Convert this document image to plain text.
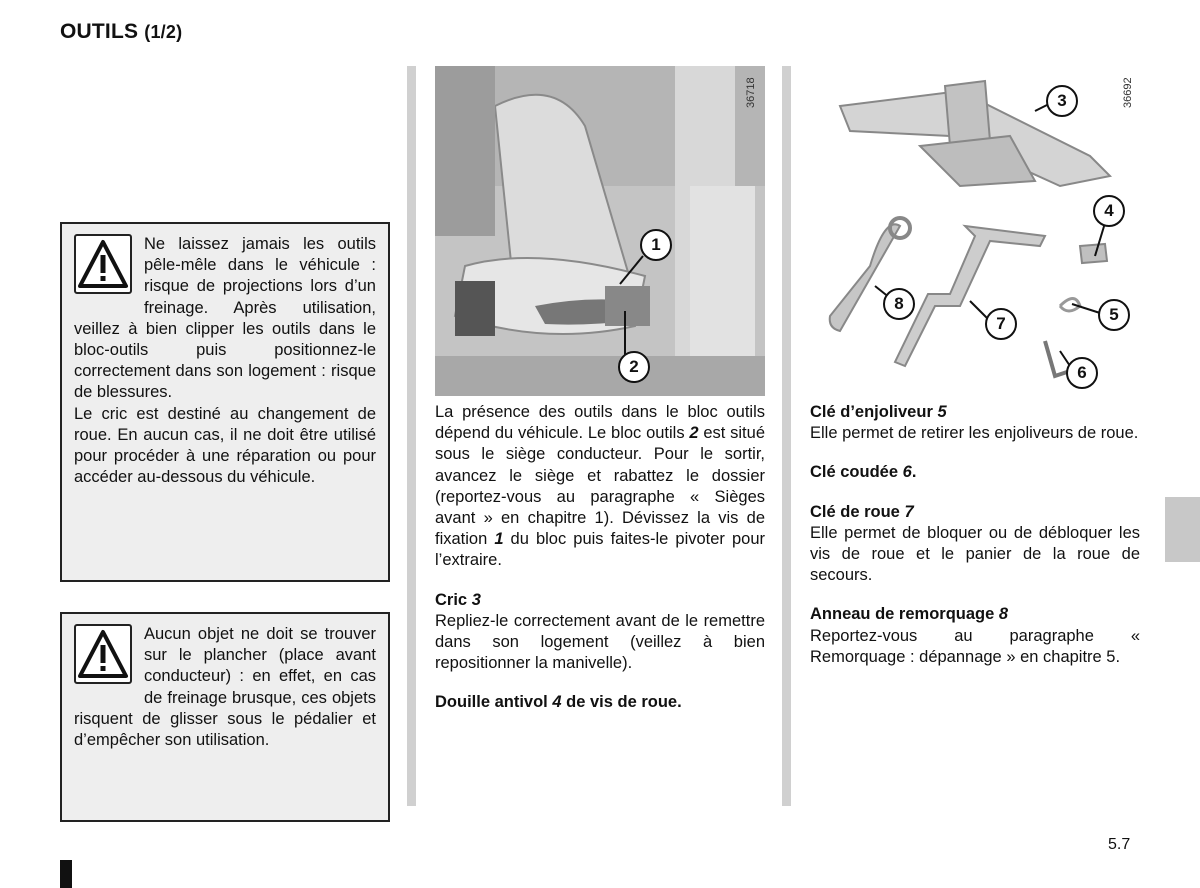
OUTILS (1/2)
Ne laissez jamais les outils pêle-mêle dans le véhicule : risque de projections lors d’un freinage. Après utilisation, veillez à bien clipper les outils dans le bloc-outils puis positionnez-le correctement dans son logement : risque de blessures.
Le cric est destiné au changement de roue. En aucun cas, il ne doit être utilisé pour procéder à une réparation ou pour accéder au-dessous du véhicule.
Aucun objet ne doit se trouver sur le plancher (place avant conducteur) : en effet, en cas de freinage brusque, ces objets risquent de glisser sous le pédalier et d’empêcher son utilisation.
1
2
36718	3
4
5
6
7
8
36692

La présence des outils dans le bloc outils dépend du véhicule. Le bloc outils 2 est situé sous le siège conducteur. Pour le sortir, avancez le siège et rabattez le dossier (reportez-vous au paragraphe « Sièges avant » en chapitre 1). Dévissez la vis de fixation 1 du bloc puis faites-le pivoter pour l’extraire.

Cric 3
Repliez-le correctement avant de le remettre dans son logement (veillez à bien repositionner la manivelle).

Douille antivol 4 de vis de roue.

Clé d’enjoliveur 5
Elle permet de retirer les enjoliveurs de roue.

Clé coudée 6.

Clé de roue 7
Elle permet de bloquer ou de débloquer les vis de roue et le panier de la roue de secours.

Anneau de remorquage 8
Reportez-vous au paragraphe « Remorquage : dépannage » en chapitre 5.

5.7
